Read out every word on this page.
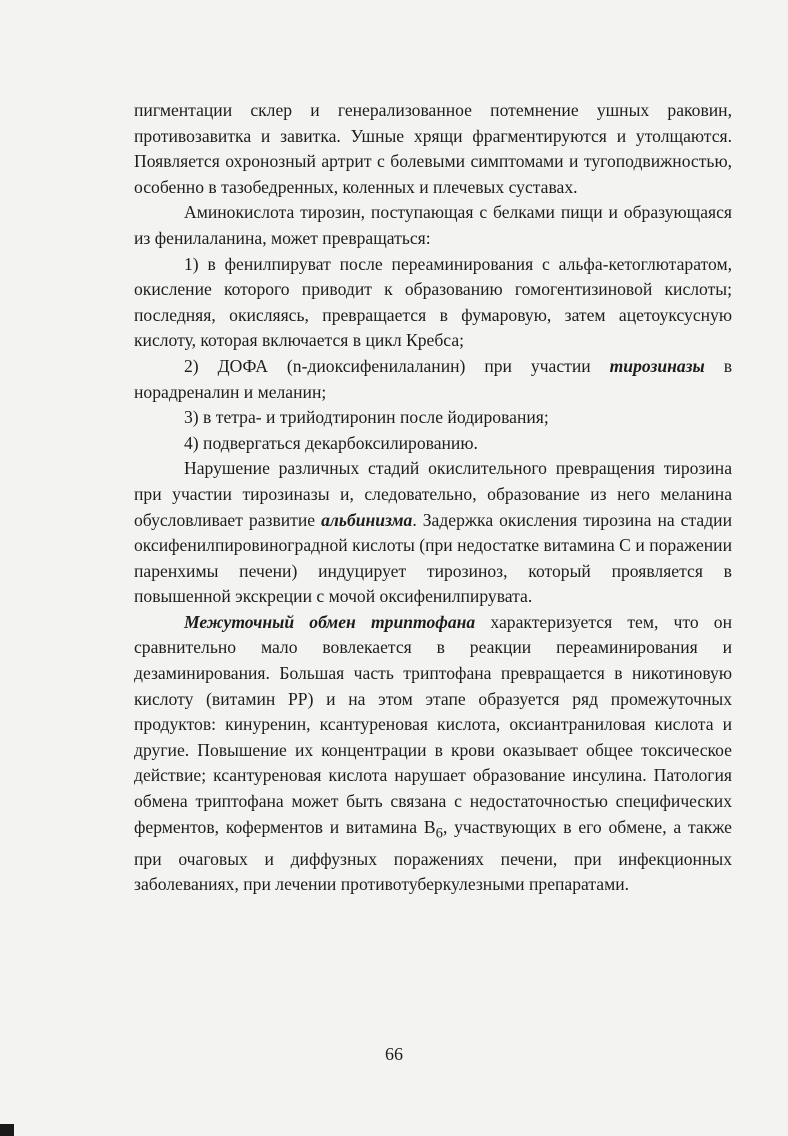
пигментации склер и генерализованное потемнение ушных раковин, противозавитка и завитка. Ушные хрящи фрагментируются и утолщаются. Появляется охронозный артрит с болевыми симптомами и тугоподвижностью, особенно в тазобедренных, коленных и плечевых суставах.

Аминокислота тирозин, поступающая с белками пищи и образующаяся из фенилаланина, может превращаться:

1) в фенилпируват после переаминирования с альфа-кетоглютаратом, окисление которого приводит к образованию гомогентизиновой кислоты; последняя, окисляясь, превращается в фумаровую, затем ацетоуксусную кислоту, которая включается в цикл Кребса;

2) ДОФА (n-диоксифенилаланин) при участии тирозиназы в норадреналин и меланин;

3) в тетра- и трийодтиронин после йодирования;

4) подвергаться декарбоксилированию.

Нарушение различных стадий окислительного превращения тирозина при участии тирозиназы и, следовательно, образование из него меланина обусловливает развитие альбинизма. Задержка окисления тирозина на стадии оксифенилпировиноградной кислоты (при недостатке витамина С и поражении паренхимы печени) индуцирует тирозиноз, который проявляется в повышенной экскреции с мочой оксифенилпирувата.

Межуточный обмен триптофана характеризуется тем, что он сравнительно мало вовлекается в реакции переаминирования и дезаминирования. Большая часть триптофана превращается в никотиновую кислоту (витамин РР) и на этом этапе образуется ряд промежуточных продуктов: кинуренин, ксантуреновая кислота, оксиантраниловая кислота и другие. Повышение их концентрации в крови оказывает общее токсическое действие; ксантуреновая кислота нарушает образование инсулина. Патология обмена триптофана может быть связана с недостаточностью специфических ферментов, коферментов и витамина $В_6$, участвующих в его обмене, а также при очаговых и диффузных поражениях печени, при инфекционных заболеваниях, при лечении противотуберкулезными препаратами.

66
